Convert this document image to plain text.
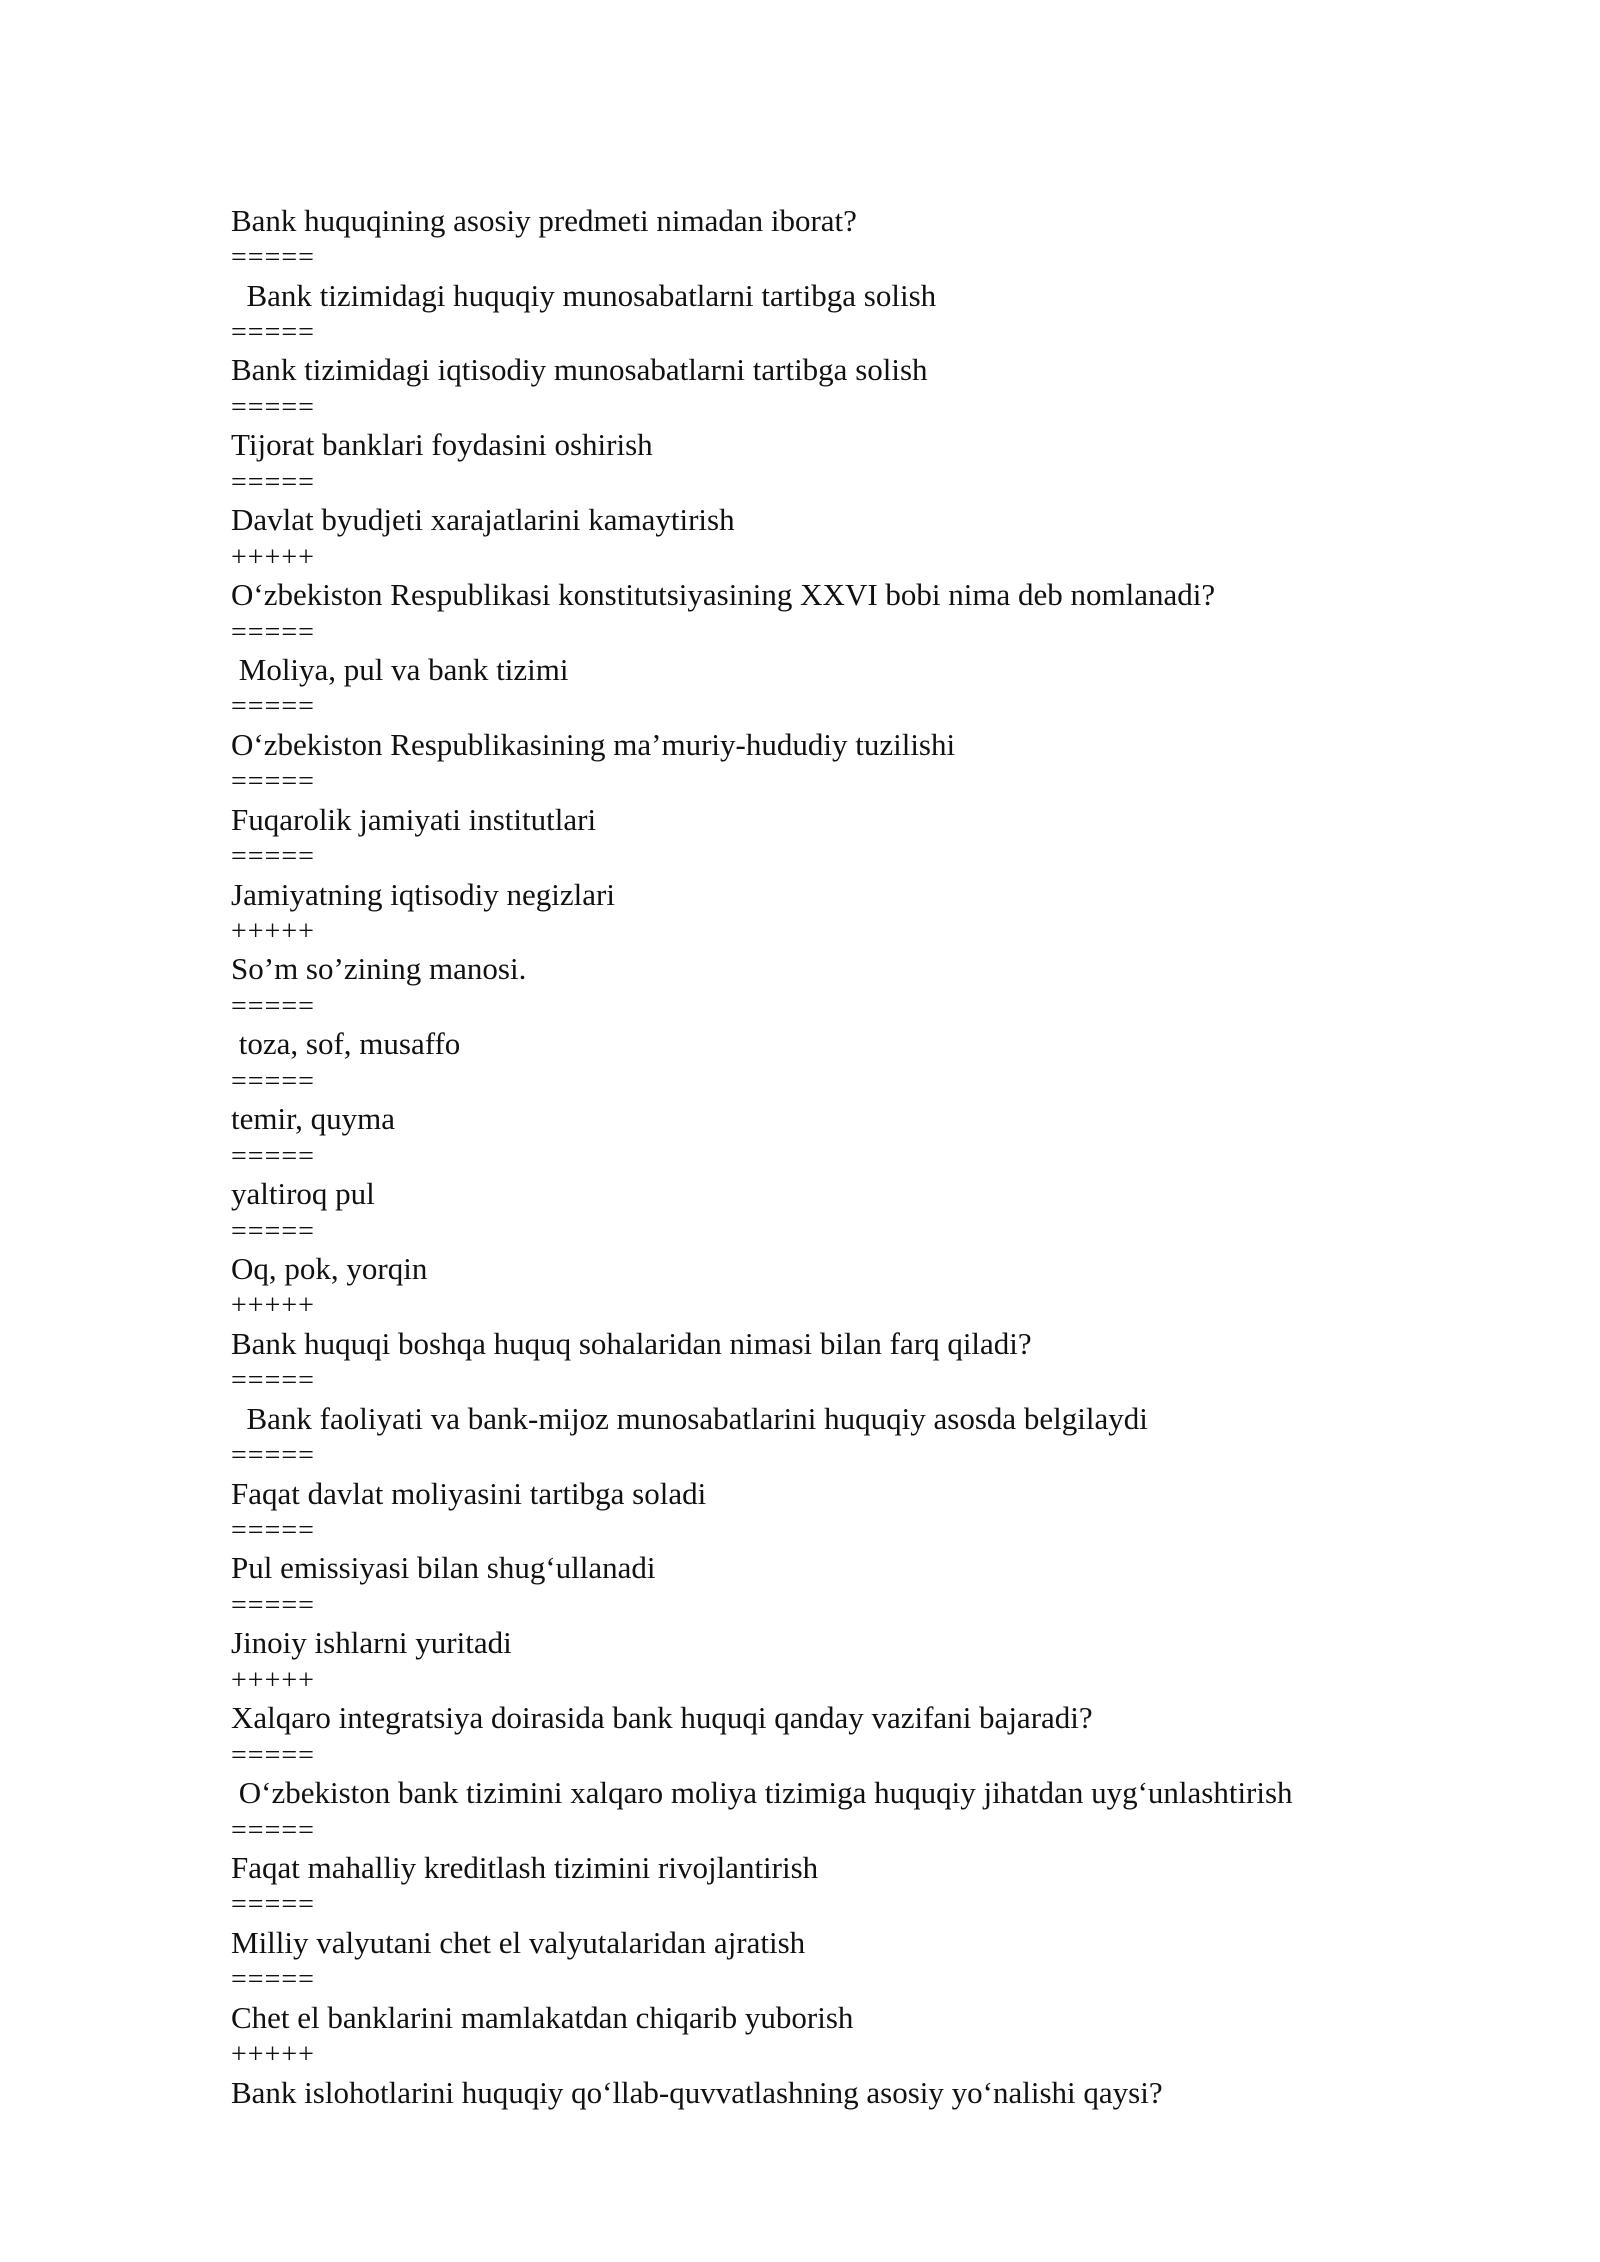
Bank huquqining asosiy predmeti nimadan iborat?
=====
Bank tizimidagi huquqiy munosabatlarni tartibga solish
=====
Bank tizimidagi iqtisodiy munosabatlarni tartibga solish
=====
Tijorat banklari foydasini oshirish
=====
Davlat byudjeti xarajatlarini kamaytirish
+++++
O‘zbekiston Respublikasi konstitutsiyasining XXVI bobi nima deb nomlanadi?
=====
Moliya, pul va bank tizimi
=====
O‘zbekiston Respublikasining ma’muriy-hududiy tuzilishi
=====
Fuqarolik jamiyati institutlari
=====
Jamiyatning iqtisodiy negizlari
+++++
So’m so’zining manosi.
=====
toza, sof, musaffo
=====
temir, quyma
=====
yaltiroq pul
=====
Oq, pok, yorqin
+++++
Bank huquqi boshqa huquq sohalaridan nimasi bilan farq qiladi?
=====
Bank faoliyati va bank-mijoz munosabatlarini huquqiy asosda belgilaydi
=====
Faqat davlat moliyasini tartibga soladi
=====
Pul emissiyasi bilan shug‘ullanadi
=====
Jinoiy ishlarni yuritadi
+++++
Xalqaro integratsiya doirasida bank huquqi qanday vazifani bajaradi?
=====
O‘zbekiston bank tizimini xalqaro moliya tizimiga huquqiy jihatdan uyg‘unlashtirish
=====
Faqat mahalliy kreditlash tizimini rivojlantirish
=====
Milliy valyutani chet el valyutalaridan ajratish
=====
Chet el banklarini mamlakatdan chiqarib yuborish
+++++
Bank islohotlarini huquqiy qo‘llab-quvvatlashning asosiy yo‘nalishi qaysi?
